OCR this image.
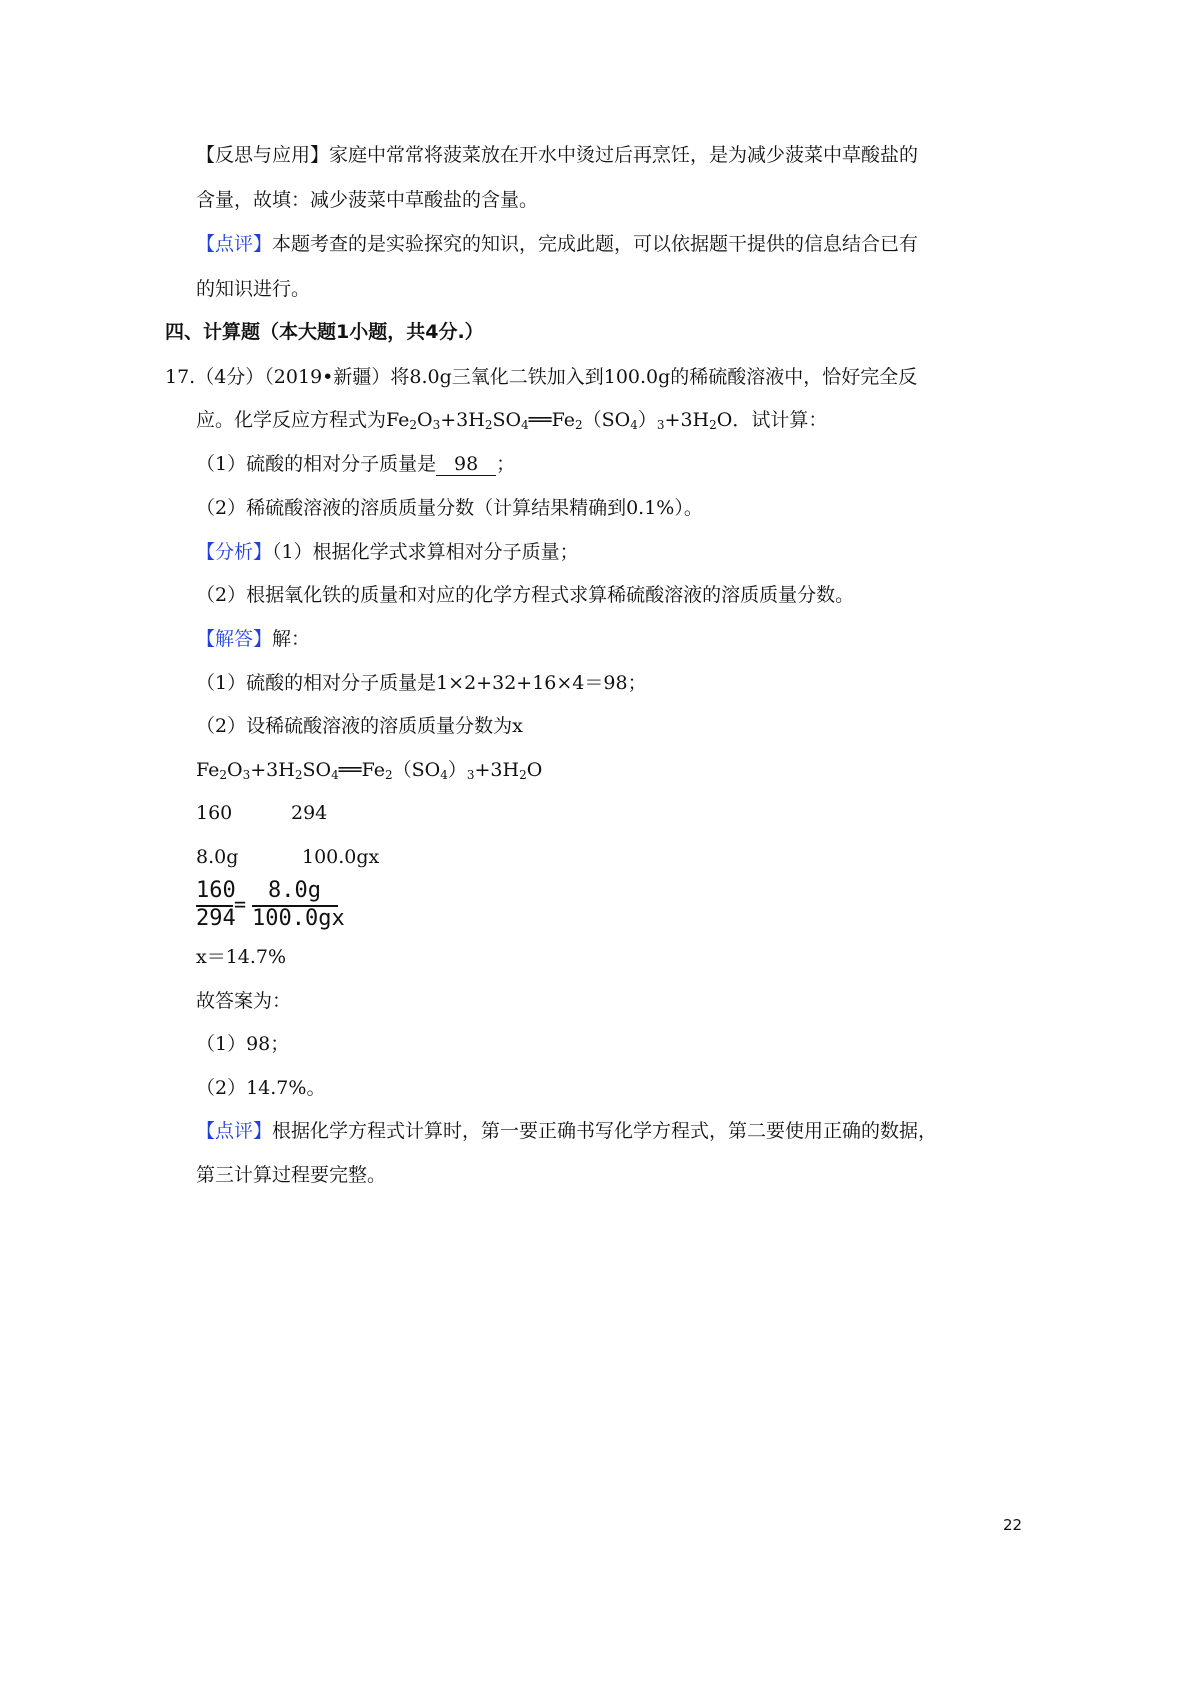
【反思与应用】家庭中常常将菠菜放在开水中烫过后再烹饪，是为减少菠菜中草酸盐的
含量，故填：减少菠菜中草酸盐的含量。
【点评】本题考查的是实验探究的知识，完成此题，可以依据题干提供的信息结合已有
的知识进行。
四、计算题（本大题1小题，共4分.）
17.（4分）（2019•新疆）将8.0g三氧化二铁加入到100.0g的稀硫酸溶液中，恰好完全反
应。化学反应方程式为$Fe_2O_3+3H_2SO_4══Fe_2(SO_4)_3+3H_2O$．试计算：
（1）硫酸的相对分子质量是 98 ；
（2）稀硫酸溶液的溶质质量分数（计算结果精确到0.1%）。
【分析】（1）根据化学式求算相对分子质量；
（2）根据氧化铁的质量和对应的化学方程式求算稀硫酸溶液的溶质质量分数。
【解答】解：
（1）硫酸的相对分子质量是1×2+32+16×4＝98；
（2）设稀硫酸溶液的溶质质量分数为x
$Fe_2O_3+3H_2SO_4══Fe_2(SO_4)_3+3H_2O$
160	294
8.0g	100.0gx
160
294
=
8.0g
100.0gx
x＝14.7%
故答案为：
（1）98；
（2）14.7%。
【点评】根据化学方程式计算时，第一要正确书写化学方程式，第二要使用正确的数据，
第三计算过程要完整。
22
